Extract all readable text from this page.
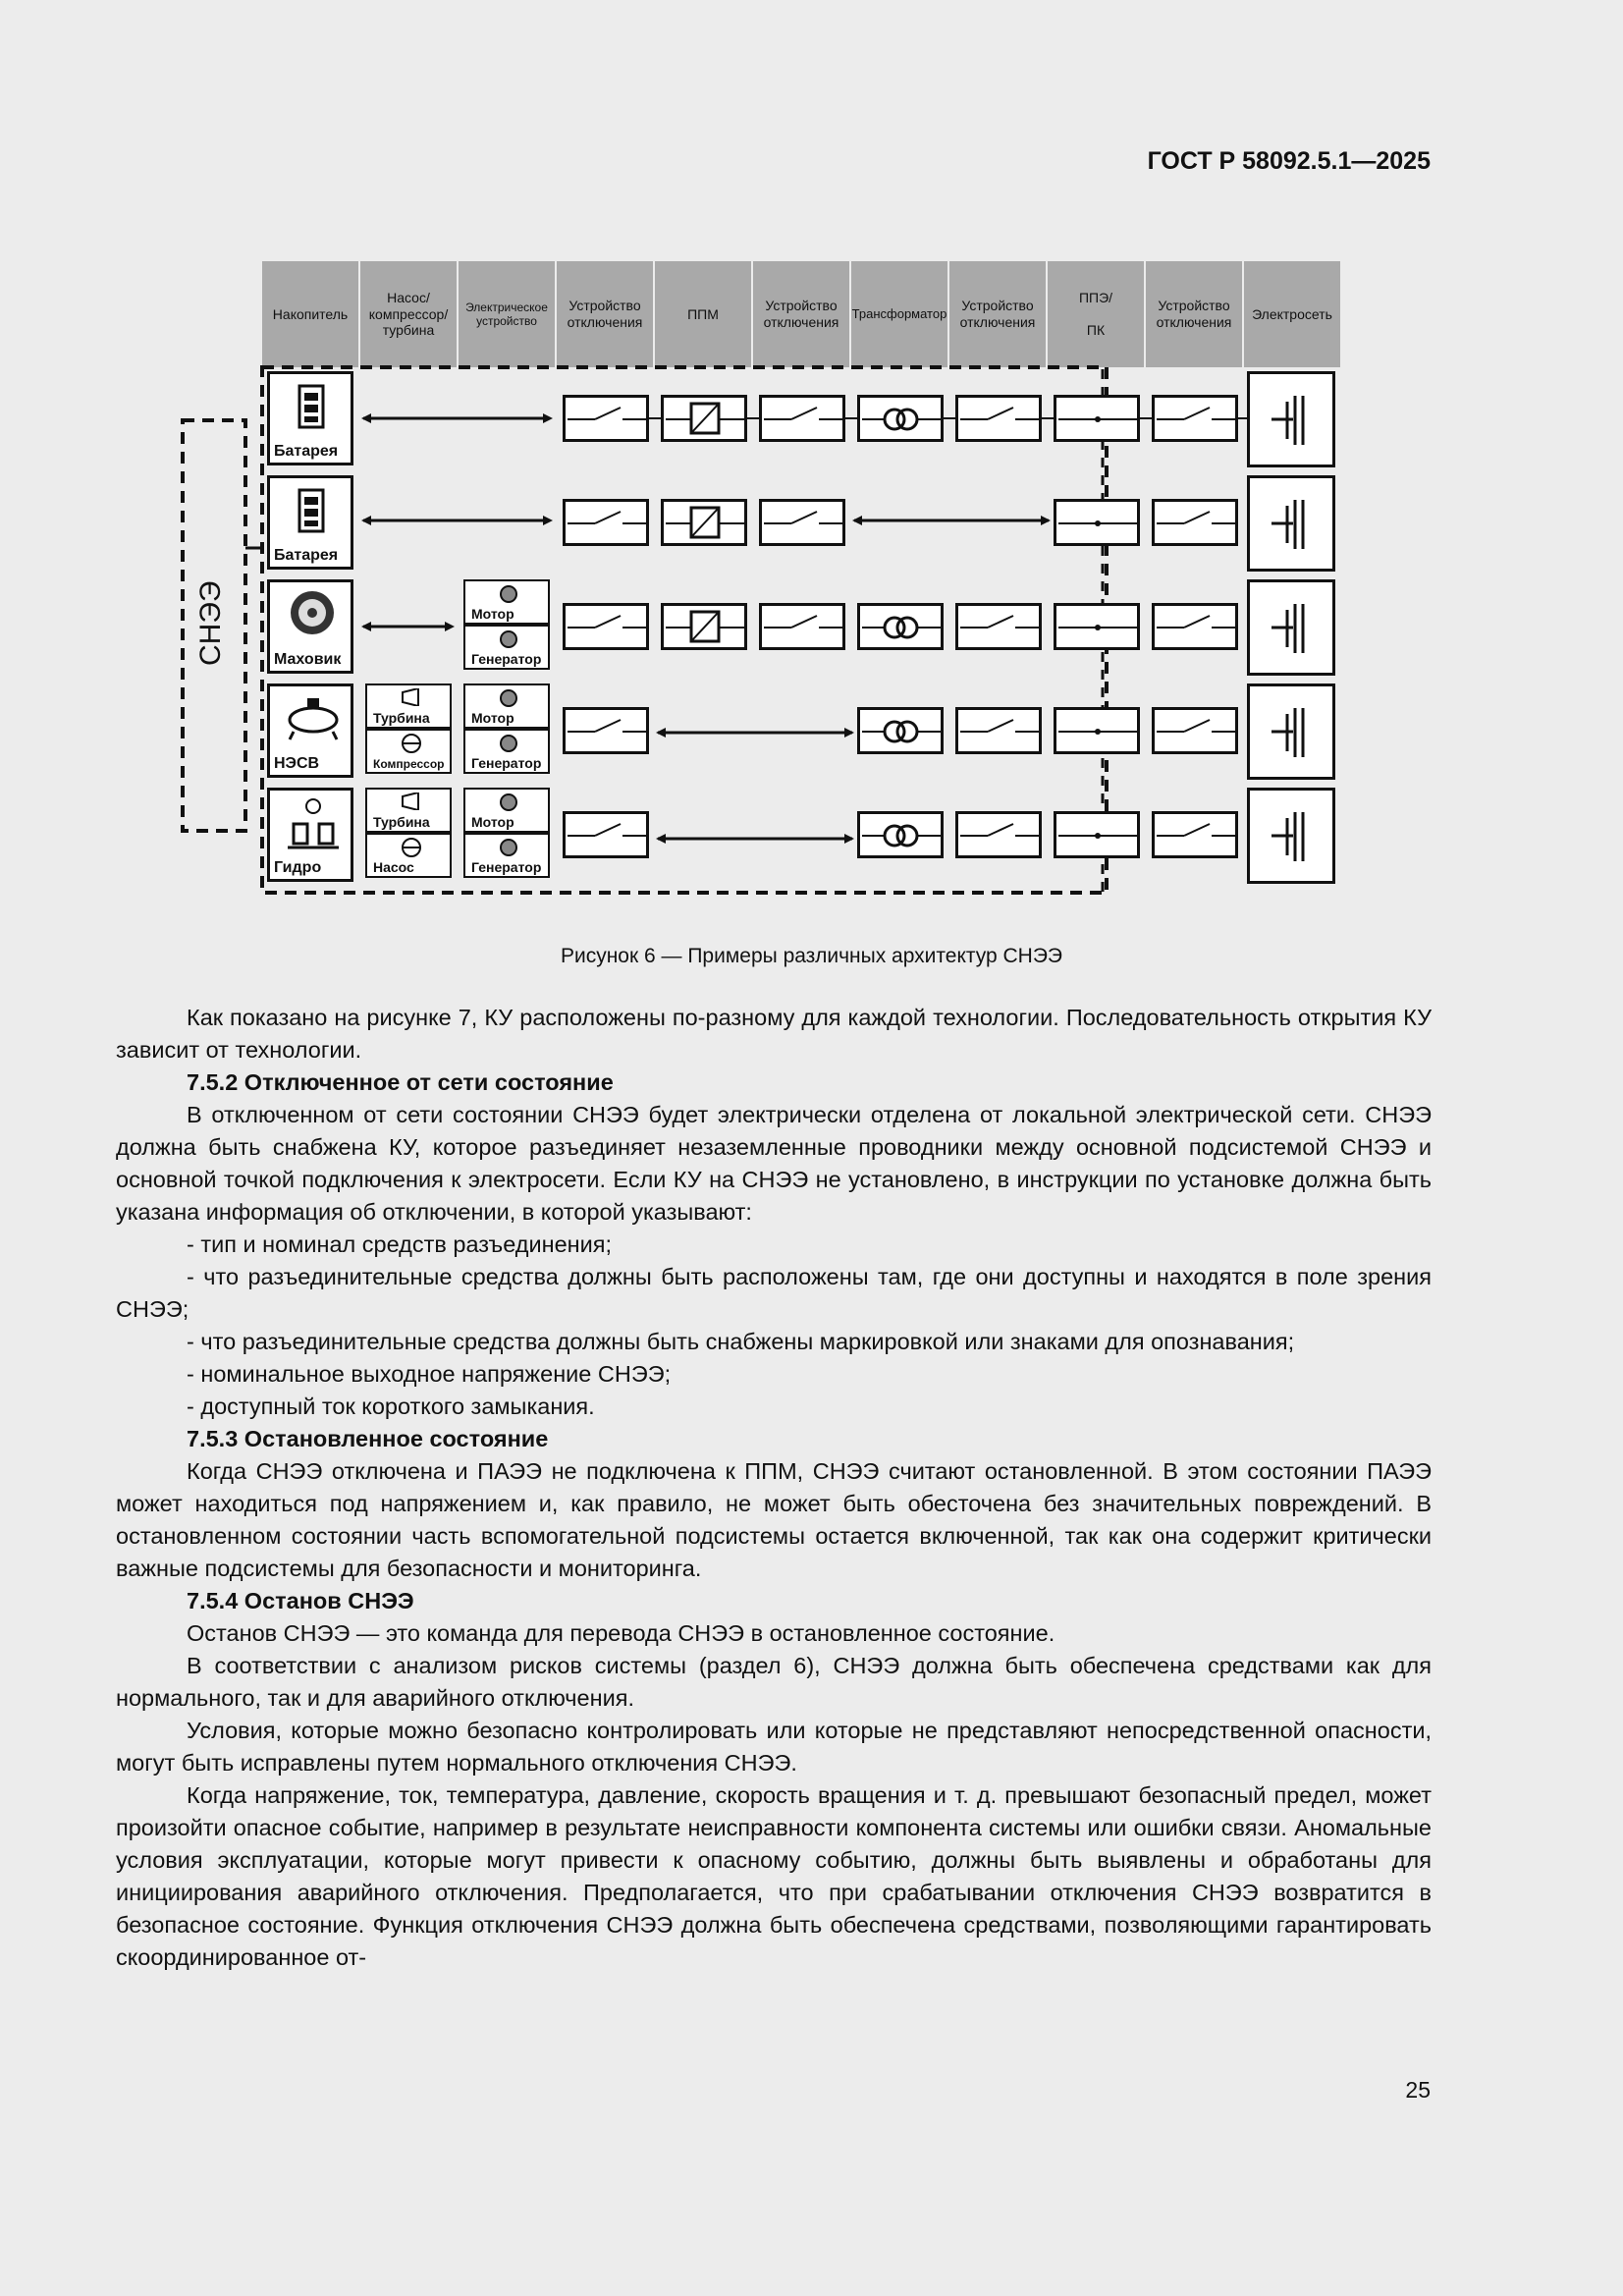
ГОСТ Р 58092.5.1—2025
Накопитель
Насос/
компрессор/
турбина
Электрическое
устройство
Устройство
отключения
ППМ
Устройство
отключения
Трансформатор
Устройство
отключения
ППЭ/

ПК
Устройство
отключения
Электросеть
СНЭЭ
Батарея
Батарея
Маховик
НЭСВ
Гидро
Турбина
Компрессор
Турбина
Насос
Мотор
Генератор
Мотор
Генератор
Мотор
Генератор
Рисунок 6 — Примеры различных архитектур СНЭЭ

Как показано на рисунке 7, КУ расположены по-разному для каждой технологии. Последовательность открытия КУ зависит от технологии.

7.5.2 Отключенное от сети состояние

В отключенном от сети состоянии СНЭЭ будет электрически отделена от локальной электрической сети. СНЭЭ должна быть снабжена КУ, которое разъединяет незаземленные проводники между основной подсистемой СНЭЭ и основной точкой подключения к электросети. Если КУ на СНЭЭ не установлено, в инструкции по установке должна быть указана информация об отключении, в которой указывают:

- тип и номинал средств разъединения;

- что разъединительные средства должны быть расположены там, где они доступны и находятся в поле зрения СНЭЭ;

- что разъединительные средства должны быть снабжены маркировкой или знаками для опознавания;

- номинальное выходное напряжение СНЭЭ;

- доступный ток короткого замыкания.

7.5.3 Остановленное состояние

Когда СНЭЭ отключена и ПАЭЭ не подключена к ППМ, СНЭЭ считают остановленной. В этом состоянии ПАЭЭ может находиться под напряжением и, как правило, не может быть обесточена без значительных повреждений. В остановленном состоянии часть вспомогательной подсистемы остается включенной, так как она содержит критически важные подсистемы для безопасности и мониторинга.

7.5.4 Останов СНЭЭ

Останов СНЭЭ — это команда для перевода СНЭЭ в остановленное состояние.

В соответствии с анализом рисков системы (раздел 6), СНЭЭ должна быть обеспечена средствами как для нормального, так и для аварийного отключения.

Условия, которые можно безопасно контролировать или которые не представляют непосредственной опасности, могут быть исправлены путем нормального отключения СНЭЭ.

Когда напряжение, ток, температура, давление, скорость вращения и т. д. превышают безопасный предел, может произойти опасное событие, например в результате неисправности компонента системы или ошибки связи. Аномальные условия эксплуатации, которые могут привести к опасному событию, должны быть выявлены и обработаны для инициирования аварийного отключения. Предполагается, что при срабатывании отключения СНЭЭ возвратится в безопасное состояние. Функция отключения СНЭЭ должна быть обеспечена средствами, позволяющими гарантировать скоординированное от-

25
